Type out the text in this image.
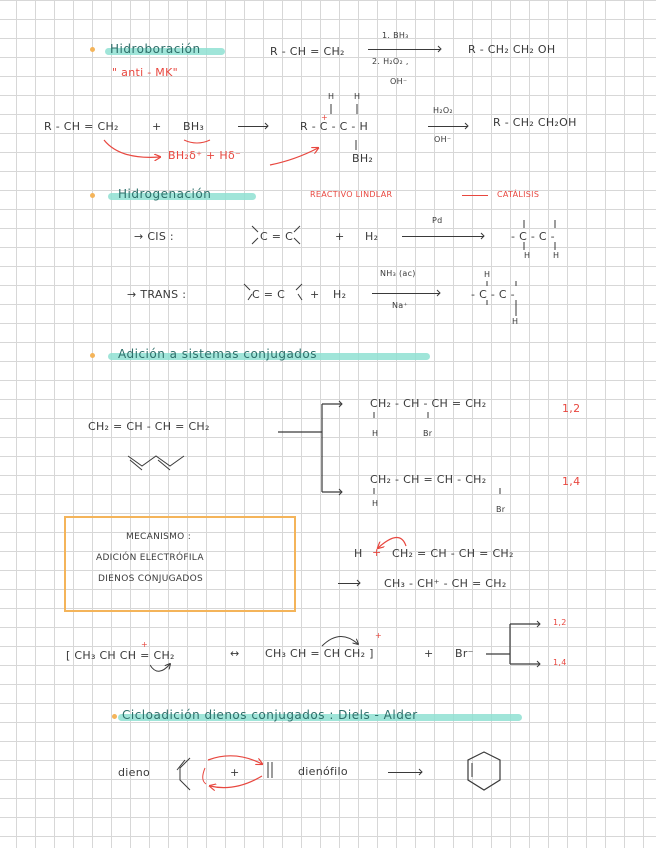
Hidroboración
" anti - MK"
R - CH = CH₂
1. BH₃
2. H₂O₂ ,
OH⁻
R - CH₂ CH₂ OH
R - CH = CH₂	+ BH₃
BH₂δ⁺ + Hδ⁻
H H
R - C - C - H
+
BH₂
H₂O₂
OH⁻
R - CH₂ CH₂OH
Hidrogenación	REACTIVO LINDLAR	CATÁLISIS
→ CIS :	C = C	+ H₂
Pd
- C - C -
H	H
→ TRANS :	C = C + H₂
NH₃ (ac)
Na⁺
H
- C - C -
H
Adición a sistemas conjugados
CH₂ = CH - CH = CH₂
CH₂ - CH - CH = CH₂
H	Br
1,2
CH₂ - CH = CH - CH₂
H
Br
1,4
MECANISMO :
ADICIÓN ELECTRÓFILA
DIENOS CONJUGADOS
H + CH₂ = CH - CH = CH₂
CH₃ - CH⁺ - CH = CH₂
[ CH₃ CH CH = CH₂
+
↔ CH₃ CH = CH CH₂ ]
+
+ Br⁻
1,2
1,4
Cicloadición dienos conjugados : Diels - Alder
dieno	+	dienófilo
